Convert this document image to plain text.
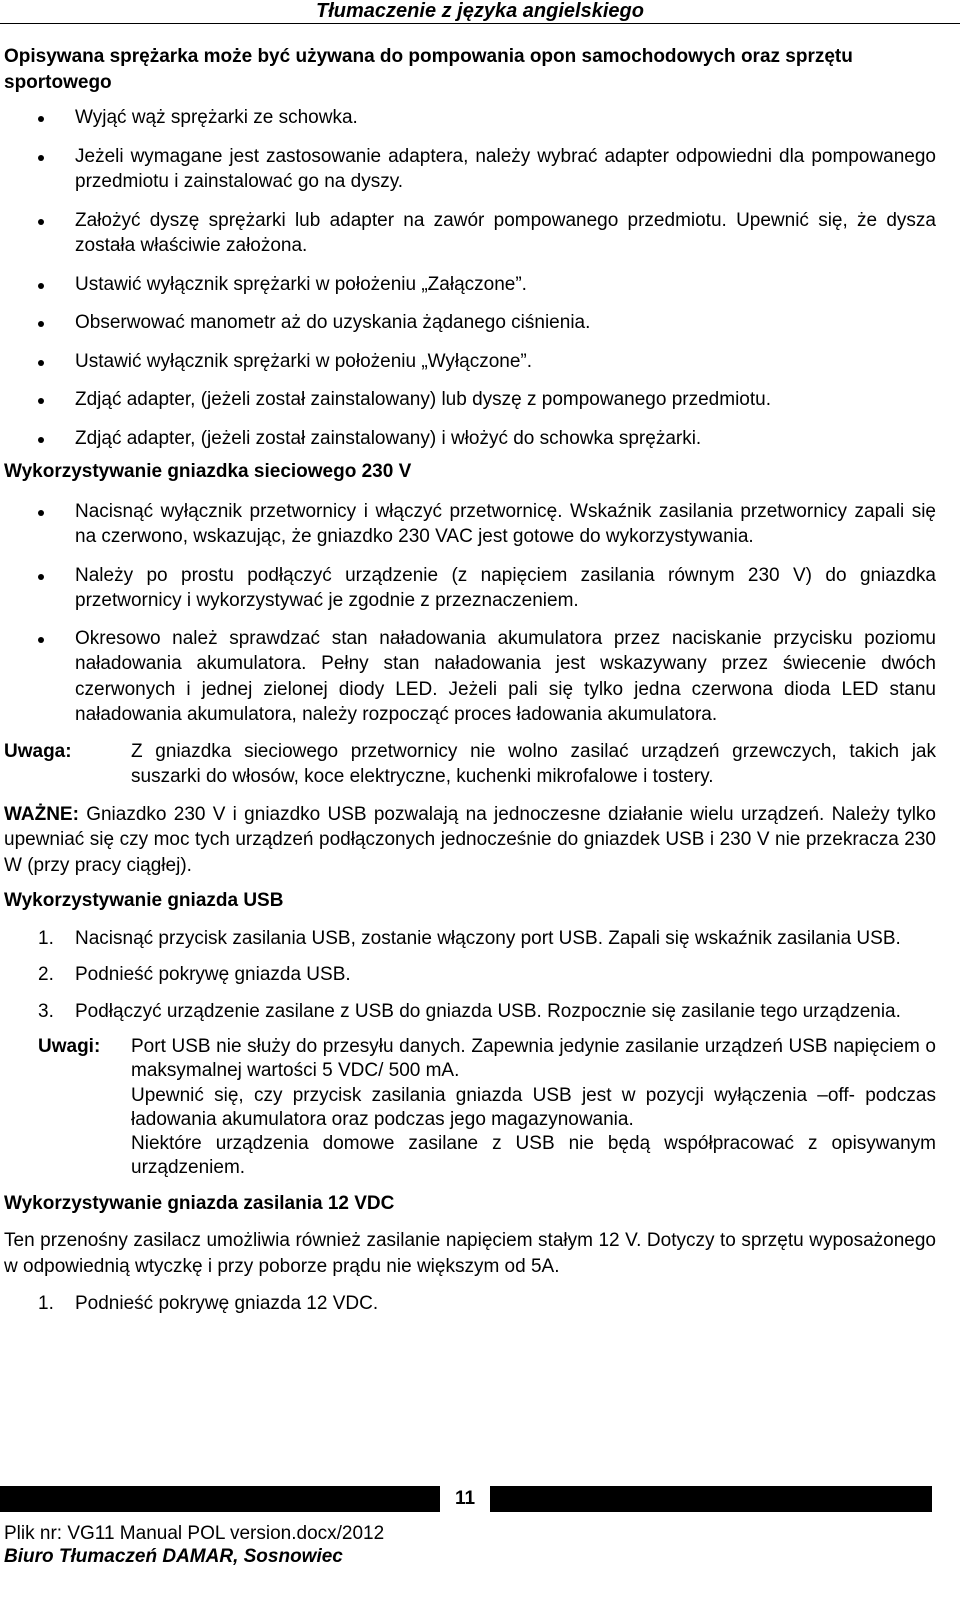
Tłumaczenie z języka angielskiego

Opisywana sprężarka może być używana do pompowania opon samochodowych oraz sprzętu sportowego

Wyjąć wąż sprężarki ze schowka.
Jeżeli wymagane jest zastosowanie adaptera, należy wybrać adapter odpowiedni dla pompowanego przedmiotu i zainstalować go na dyszy.
Założyć dyszę sprężarki lub adapter na zawór pompowanego przedmiotu. Upewnić się, że dysza została właściwie założona.
Ustawić wyłącznik sprężarki w położeniu „Załączone”.
Obserwować manometr aż do uzyskania żądanego ciśnienia.
Ustawić wyłącznik sprężarki w położeniu „Wyłączone”.
Zdjąć adapter, (jeżeli został zainstalowany) lub dyszę z pompowanego przedmiotu.
Zdjąć adapter, (jeżeli został zainstalowany) i włożyć do schowka sprężarki.
Wykorzystywanie gniazdka sieciowego 230 V
Nacisnąć wyłącznik przetwornicy i włączyć przetwornicę. Wskaźnik zasilania przetwornicy zapali się na czerwono, wskazując, że gniazdko 230 VAC jest gotowe do wykorzystywania.
Należy po prostu podłączyć urządzenie (z napięciem zasilania równym 230 V) do gniazdka przetwornicy i wykorzystywać je zgodnie z przeznaczeniem.
Okresowo należ sprawdzać stan naładowania akumulatora przez naciskanie przycisku poziomu naładowania akumulatora. Pełny stan naładowania jest wskazywany przez świecenie dwóch czerwonych i jednej zielonej diody LED. Jeżeli pali się tylko jedna czerwona dioda LED stanu naładowania akumulatora, należy rozpocząć proces ładowania akumulatora.
Uwaga:	Z gniazdka sieciowego przetwornicy nie wolno zasilać urządzeń grzewczych, takich jak suszarki do włosów, koce elektryczne, kuchenki mikrofalowe i tostery.

WAŻNE: Gniazdko 230 V i gniazdko USB pozwalają na jednoczesne działanie wielu urządzeń. Należy tylko upewniać się czy moc tych urządzeń podłączonych jednocześnie do gniazdek USB i 230 V nie przekracza 230 W (przy pracy ciągłej).

Wykorzystywanie gniazda USB
1. Nacisnąć przycisk zasilania USB, zostanie włączony port USB. Zapali się wskaźnik zasilania USB.
2. Podnieść pokrywę gniazda USB.
3. Podłączyć urządzenie zasilane z USB do gniazda USB. Rozpocznie się zasilanie tego urządzenia.
Uwagi: Port USB nie służy do przesyłu danych. Zapewnia jedynie zasilanie urządzeń USB napięciem o maksymalnej wartości 5 VDC/ 500 mA.

Upewnić się, czy przycisk zasilania gniazda USB jest w pozycji wyłączenia –off- podczas ładowania akumulatora oraz podczas jego magazynowania.

Niektóre urządzenia domowe zasilane z USB nie będą współpracować z opisywanym urządzeniem.

Wykorzystywanie gniazda zasilania 12 VDC

Ten przenośny zasilacz umożliwia również zasilanie napięciem stałym 12 V. Dotyczy to sprzętu wyposażonego w odpowiednią wtyczkę i przy poborze prądu nie większym od 5A.

1. Podnieść pokrywę gniazda 12 VDC.
11
Plik nr: VG11 Manual POL version.docx/2012
Biuro Tłumaczeń DAMAR, Sosnowiec
